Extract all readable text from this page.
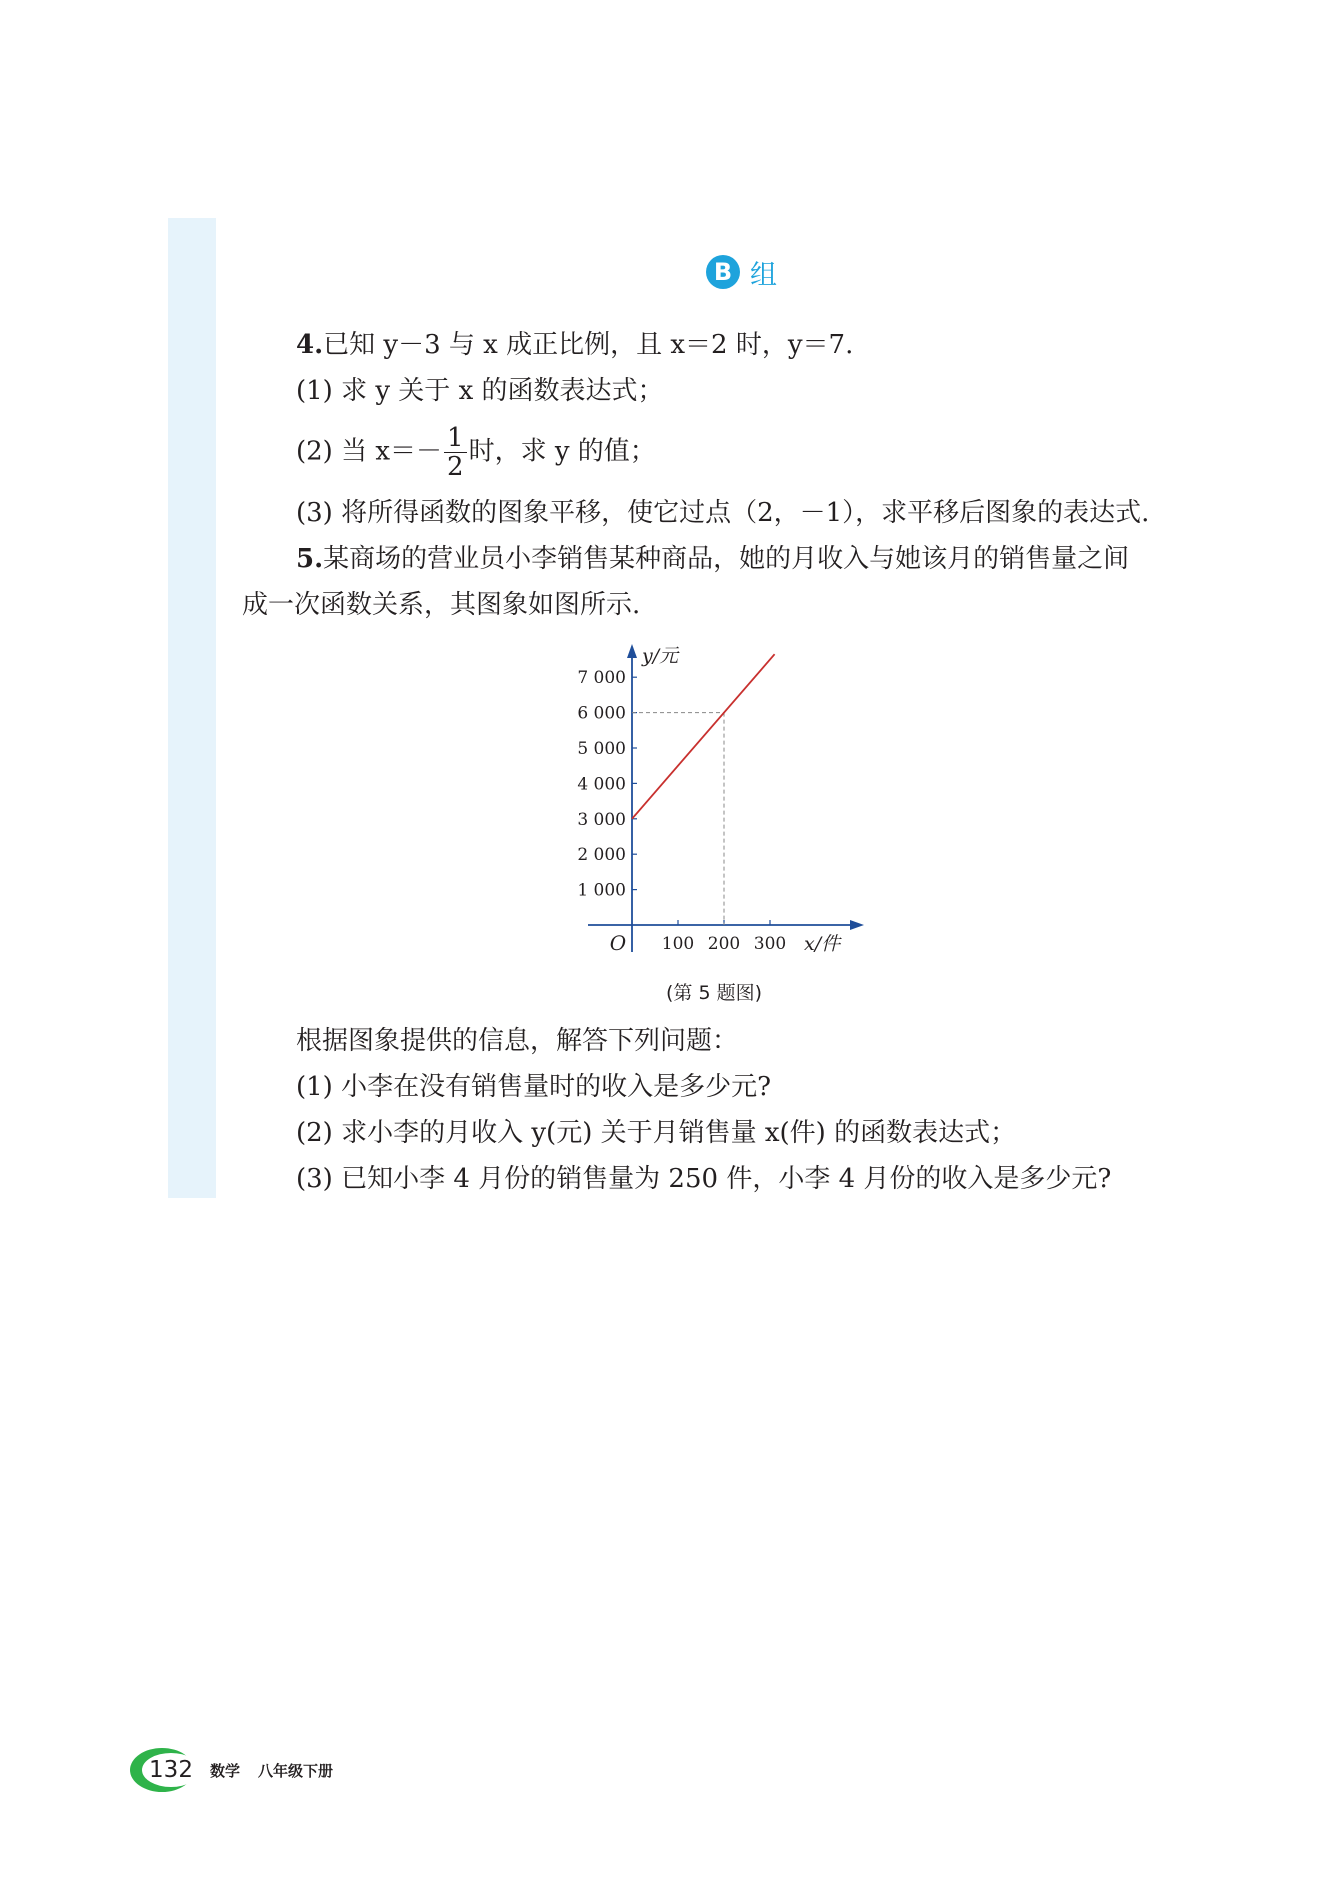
B 组
4.已知 y－3 与 x 成正比例，且 x＝2 时，y＝7.
(1) 求 y 关于 x 的函数表达式；
(2) 当 $x=- \frac{1}{2}$ 时，求 y 的值；
(3) 将所得函数的图象平移，使它过点（2，－1），求平移后图象的表达式.
5.某商场的营业员小李销售某种商品，她的月收入与她该月的销售量之间
成一次函数关系，其图象如图所示.
1 000
2 000
3 000
4 000
5 000
6 000
7 000
100 200 300
O	x/件
y/元
(第 5 题图)
根据图象提供的信息，解答下列问题：
(1) 小李在没有销售量时的收入是多少元?
(2) 求小李的月收入 y(元) 关于月销售量 x(件) 的函数表达式；
(3) 已知小李 4 月份的销售量为 250 件，小李 4 月份的收入是多少元?
132	数学 八年级下册
